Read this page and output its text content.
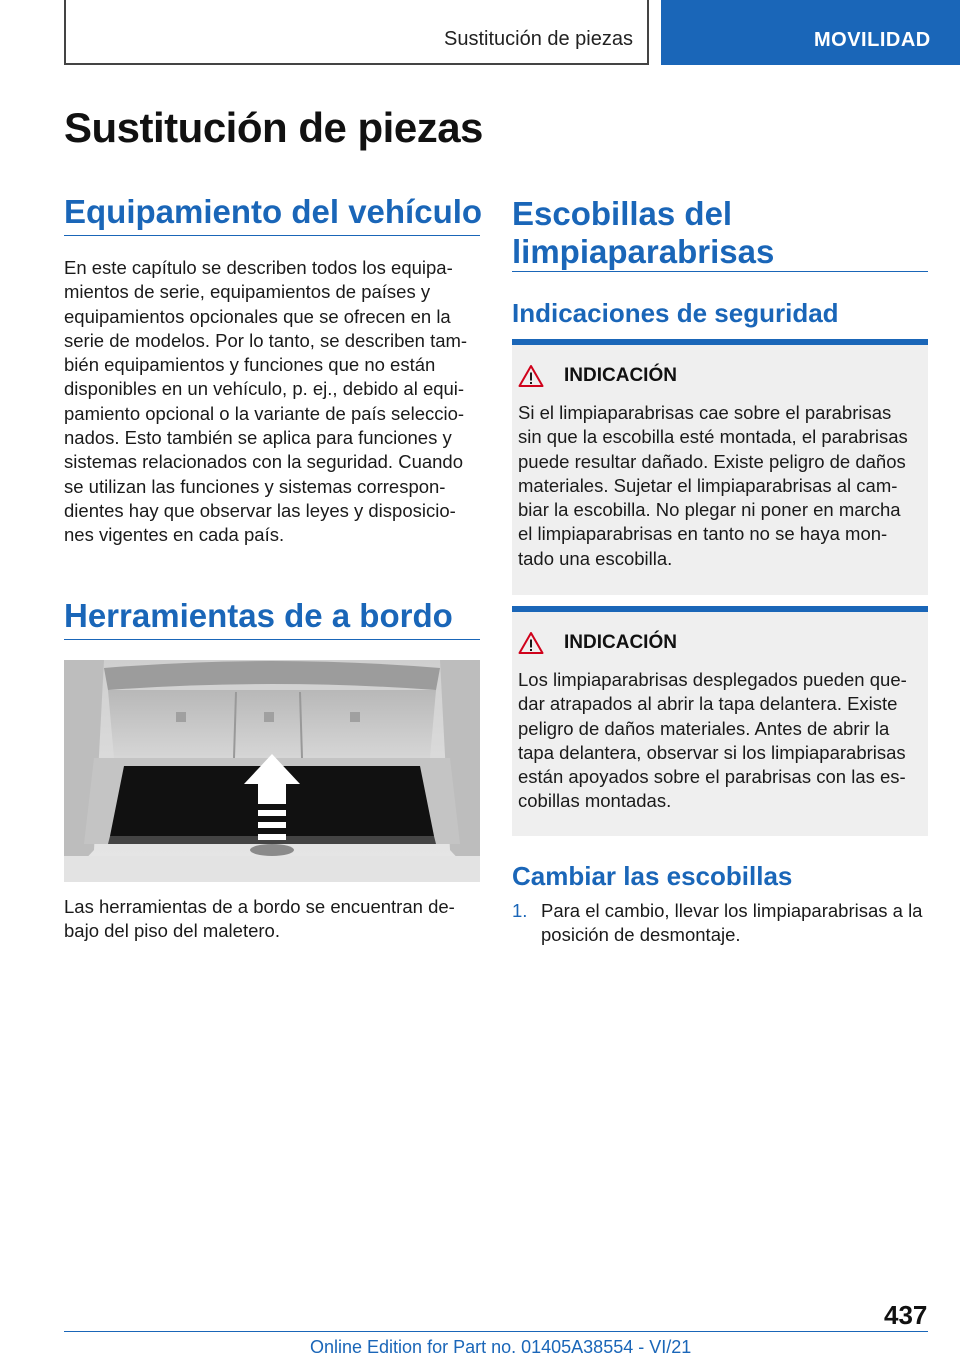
Sustitución de piezas	MOVILIDAD
Sustitución de piezas
Equipamiento del vehículo
En este capítulo se describen todos los equipa‐
mientos de serie, equipamientos de países y
equipamientos opcionales que se ofrecen en la
serie de modelos. Por lo tanto, se describen tam‐
bién equipamientos y funciones que no están
disponibles en un vehículo, p. ej., debido al equi‐
pamiento opcional o la variante de país seleccio‐
nados. Esto también se aplica para funciones y
sistemas relacionados con la seguridad. Cuando
se utilizan las funciones y sistemas correspon‐
dientes hay que observar las leyes y disposicio‐
nes vigentes en cada país.
Herramientas de a bordo
Las herramientas de a bordo se encuentran de‐
bajo del piso del maletero.
Escobillas del
limpiaparabrisas
Indicaciones de seguridad
INDICACIÓN
Si el limpiaparabrisas cae sobre el parabrisas
sin que la escobilla esté montada, el parabrisas
puede resultar dañado. Existe peligro de daños
materiales. Sujetar el limpiaparabrisas al cam‐
biar la escobilla. No plegar ni poner en marcha
el limpiaparabrisas en tanto no se haya mon‐
tado una escobilla.
INDICACIÓN
Los limpiaparabrisas desplegados pueden que‐
dar atrapados al abrir la tapa delantera. Existe
peligro de daños materiales. Antes de abrir la
tapa delantera, observar si los limpiaparabrisas
están apoyados sobre el parabrisas con las es‐
cobillas montadas.
Cambiar las escobillas
1. Para el cambio, llevar los limpiaparabrisas a la
posición de desmontaje.
437
Online Edition for Part no. 01405A38554 - VI/21
